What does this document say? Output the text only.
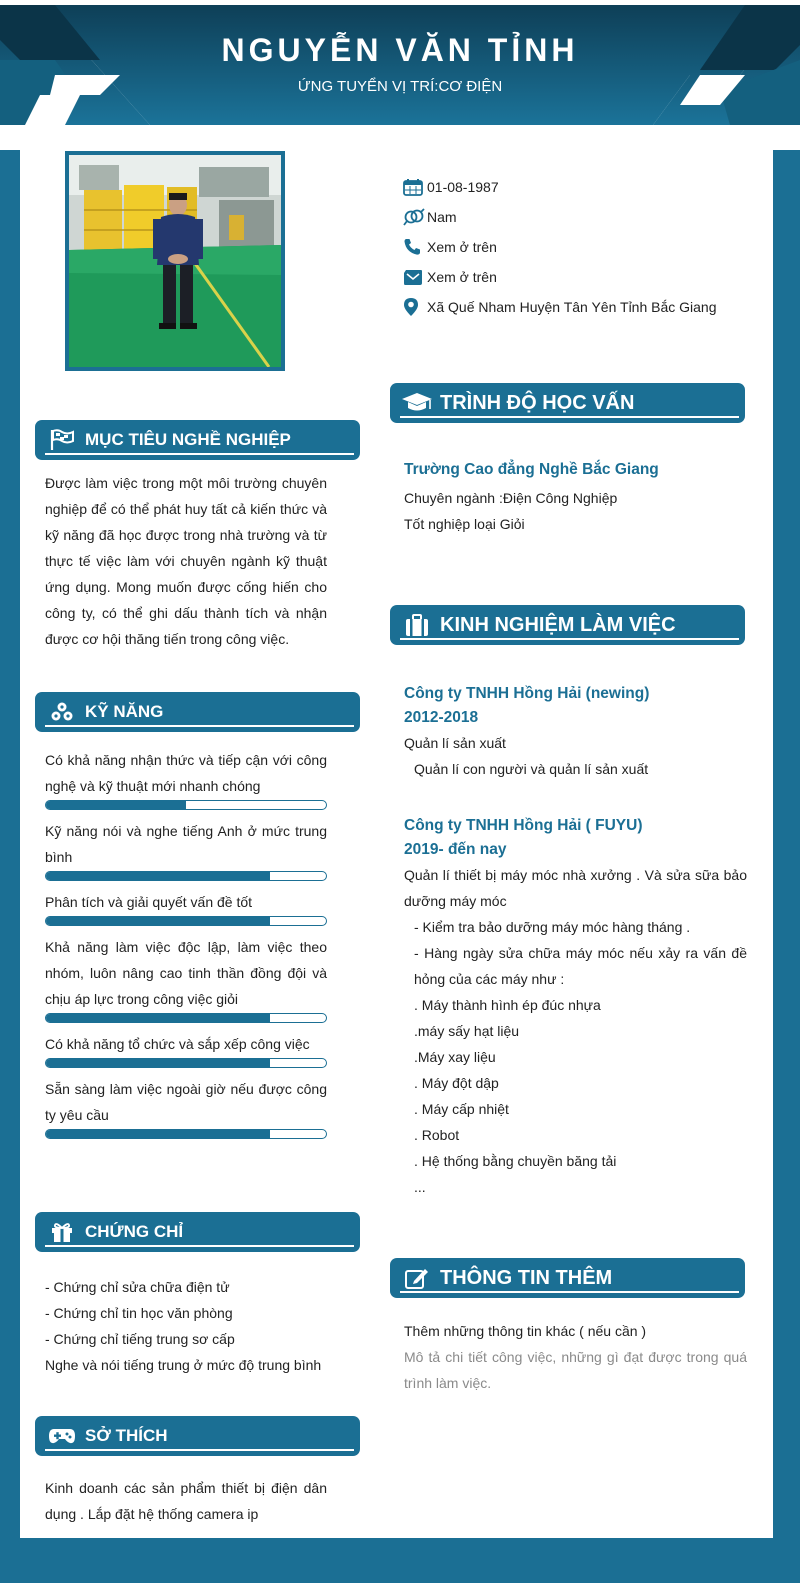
NGUYỄN VĂN TỈNH
ỨNG TUYỂN VỊ TRÍ:CƠ ĐIỆN
01-08-1987
Nam
Xem ở trên
Xem ở trên
Xã Quế Nham Huyện Tân Yên Tỉnh Bắc Giang
MỤC TIÊU NGHỀ NGHIỆP
Được làm việc trong một môi trường chuyên nghiệp để có thể phát huy tất cả kiến thức và kỹ năng đã học được trong nhà trường và từ thực tế việc làm với chuyên ngành kỹ thuật ứng dụng. Mong muốn được cống hiến cho công ty, có thể ghi dấu thành tích và nhận được cơ hội thăng tiến trong công việc.
KỸ NĂNG
Có khả năng nhận thức và tiếp cận với công nghệ và kỹ thuật mới nhanh chóng
Kỹ năng nói và nghe tiếng Anh ở mức trung bình
Phân tích và giải quyết vấn đề tốt
Khả năng làm việc độc lập, làm việc theo nhóm, luôn nâng cao tinh thần đồng đội và chịu áp lực trong công việc giỏi
Có khả năng tổ chức và sắp xếp công việc
Sẵn sàng làm việc ngoài giờ nếu được công ty yêu cầu
CHỨNG CHỈ
- Chứng chỉ sửa chữa điện tử
- Chứng chỉ tin học văn phòng
- Chứng chỉ tiếng trung sơ cấp
Nghe và nói tiếng trung ở mức độ trung bình
SỞ THÍCH
Kinh doanh các sản phẩm thiết bị điện dân dụng . Lắp đặt hệ thống camera ip
TRÌNH ĐỘ HỌC VẤN
Trường Cao đẳng Nghề Bắc Giang
Chuyên ngành :Điện Công Nghiệp
Tốt nghiệp loại Giỏi
KINH NGHIỆM LÀM VIỆC
Công ty TNHH Hồng Hải (newing)
2012-2018
Quản lí sản xuất
Quản lí con người và quản lí sản xuất
Công ty TNHH Hồng Hải ( FUYU)
2019- đến nay
Quản lí thiết bị máy móc nhà xưởng . Và sửa sữa bảo dưỡng máy móc
- Kiểm tra bảo dưỡng máy móc hàng tháng .
- Hàng ngày sửa chữa máy móc nếu xảy ra vấn đề hỏng của các máy như :
. Máy thành hình ép đúc nhựa
.máy sấy hạt liệu
.Máy xay liệu
. Máy đột dập
. Máy cấp nhiệt
. Robot
. Hệ thống bằng chuyền băng tải
...
THÔNG TIN THÊM
Thêm những thông tin khác ( nếu cần )
Mô tả chi tiết công việc, những gì đạt được trong quá trình làm việc.
